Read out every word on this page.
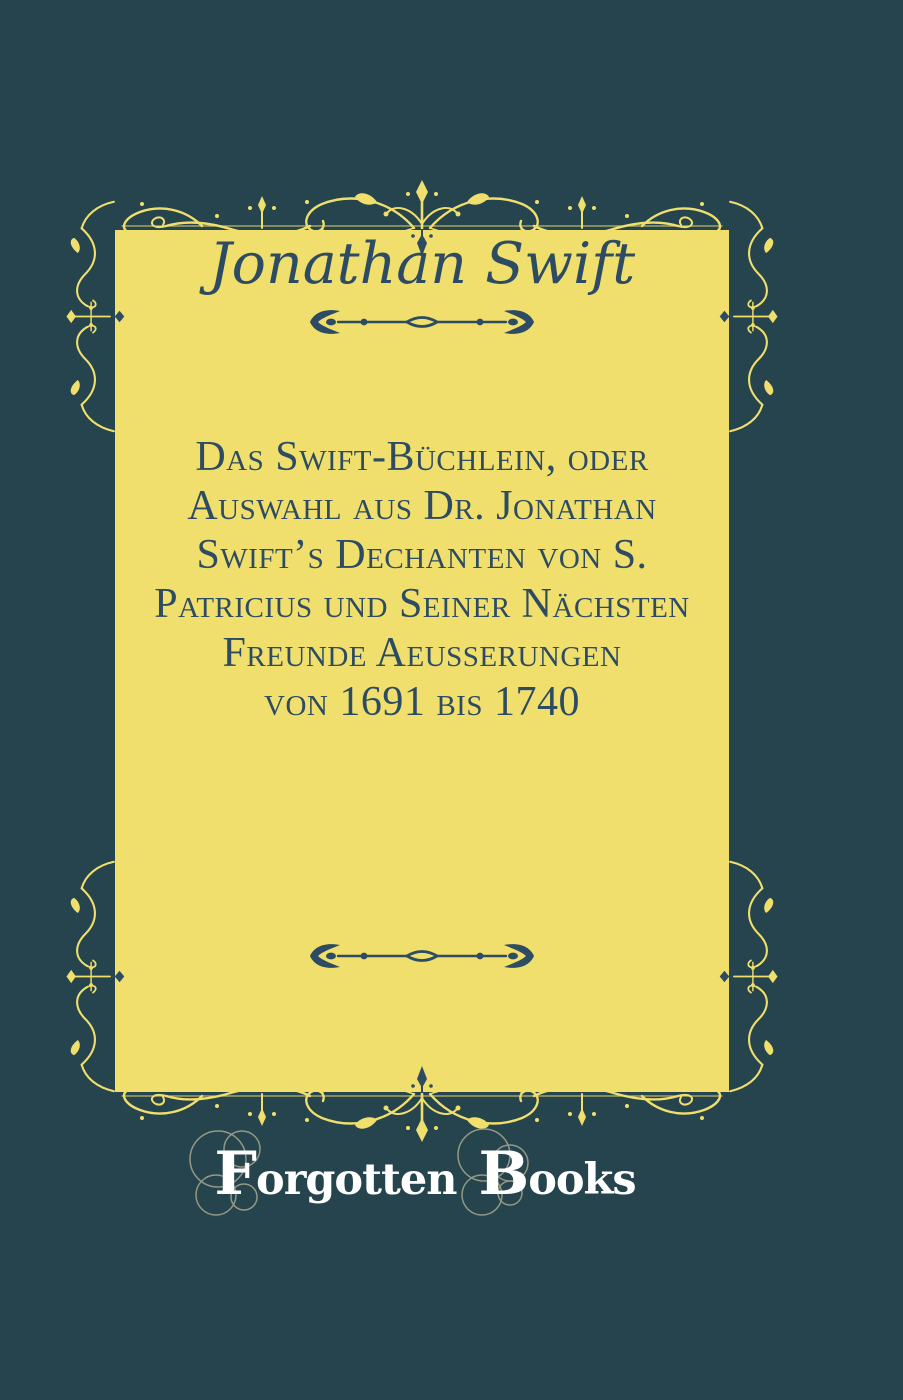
Jonathan Swift
Das Swift-Büchlein, oder
Auswahl aus Dr. Jonathan
Swift’s Dechanten von S.
Patricius und Seiner Nächsten
Freunde Aeusserungen
von 1691 bis 1740
Forgotten Books
